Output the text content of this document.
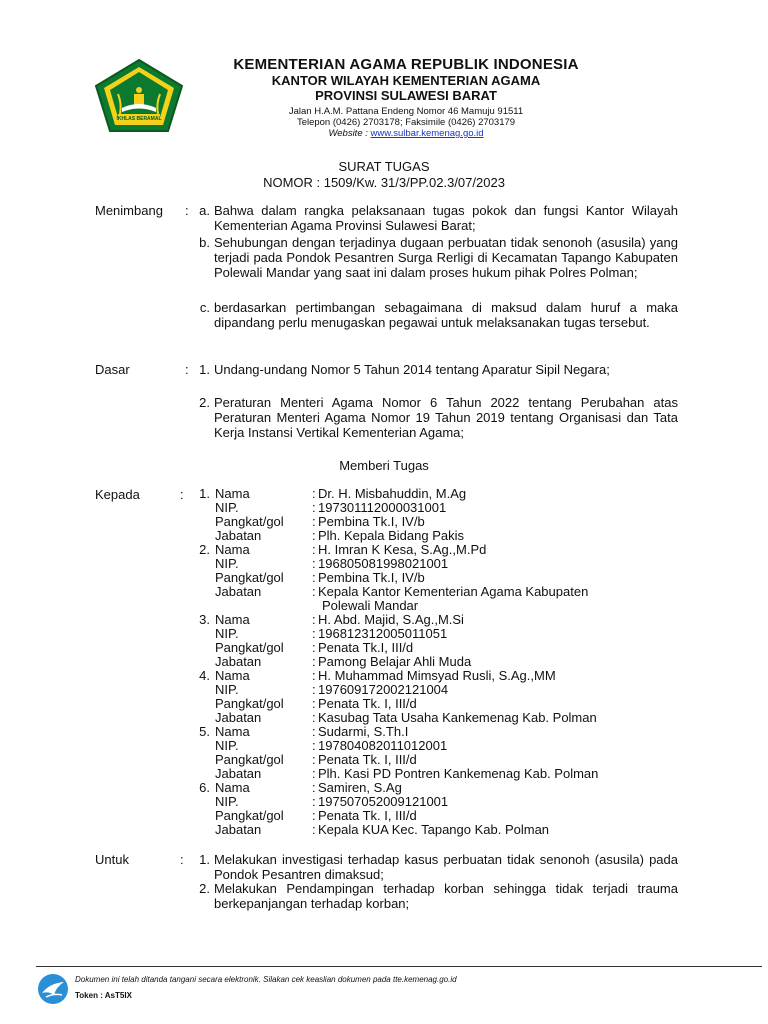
IKHLAS BERAMAL
KEMENTERIAN AGAMA REPUBLIK INDONESIA
KANTOR WILAYAH KEMENTERIAN AGAMA
PROVINSI SULAWESI BARAT
Jalan H.A.M. Pattana Endeng Nomor 46 Mamuju 91511
Telepon (0426) 2703178; Faksimile (0426) 2703179
Website : www.sulbar.kemenag.go.id
SURAT TUGAS
NOMOR : 1509/Kw. 31/3/PP.02.3/07/2023
Menimbang : a. Bahwa dalam rangka pelaksanaan tugas pokok dan fungsi Kantor Wilayah Kementerian Agama Provinsi Sulawesi Barat;
b. Sehubungan dengan terjadinya dugaan perbuatan tidak senonoh (asusila) yang terjadi pada Pondok Pesantren Surga Rerligi di Kecamatan Tapango Kabupaten Polewali Mandar yang saat ini dalam proses hukum pihak Polres Polman;
c. berdasarkan pertimbangan sebagaimana di maksud dalam huruf a maka dipandang perlu menugaskan pegawai untuk melaksanakan tugas tersebut.
Dasar	: 1. Undang-undang Nomor 5 Tahun 2014 tentang Aparatur Sipil Negara;
2. Peraturan Menteri Agama Nomor 6 Tahun 2022 tentang Perubahan atas Peraturan Menteri Agama Nomor 19 Tahun 2019 tentang Organisasi dan Tata Kerja Instansi Vertikal Kementerian Agama;
Memberi Tugas
Kepada	:	1. Nama	: Dr. H. Misbahuddin, M.Ag
NIP.	: 197301112000031001
Pangkat/gol : Pembina Tk.I, IV/b
Jabatan	: Plh. Kepala Bidang Pakis
2. Nama	: H. Imran K Kesa, S.Ag.,M.Pd
NIP.	: 196805081998021001
Pangkat/gol : Pembina Tk.I, IV/b
Jabatan	: Kepala Kantor Kementerian Agama Kabupaten
Polewali Mandar
3. Nama	: H. Abd. Majid, S.Ag.,M.Si
NIP.	: 196812312005011051
Pangkat/gol : Penata Tk.I, III/d
Jabatan	: Pamong Belajar Ahli Muda
4. Nama	: H. Muhammad Mimsyad Rusli, S.Ag.,MM
NIP.	: 197609172002121004
Pangkat/gol : Penata Tk. I, III/d
Jabatan	: Kasubag Tata Usaha Kankemenag Kab. Polman
5. Nama	: Sudarmi, S.Th.I
NIP.	: 197804082011012001
Pangkat/gol : Penata Tk. I, III/d
Jabatan	: Plh. Kasi PD Pontren Kankemenag Kab. Polman
6. Nama	: Samiren, S.Ag
NIP.	: 197507052009121001
Pangkat/gol : Penata Tk. I, III/d
Jabatan	: Kepala KUA Kec. Tapango Kab. Polman
Untuk	:	1. Melakukan investigasi terhadap kasus perbuatan tidak senonoh (asusila) pada Pondok Pesantren dimaksud;
2. Melakukan Pendampingan terhadap korban sehingga tidak terjadi trauma berkepanjangan terhadap korban;
Dokumen ini telah ditanda tangani secara elektronik. Silakan cek keaslian dokumen pada tte.kemenag.go.id
Token : AsT5IX
